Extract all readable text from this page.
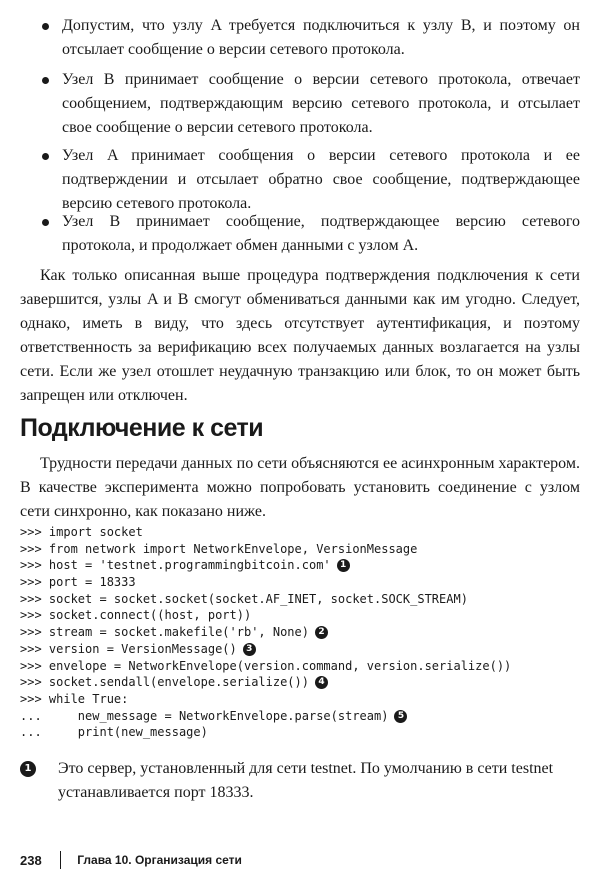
Допустим, что узлу A требуется подключиться к узлу B, и поэтому он отсылает сообщение о версии сетевого протокола.
Узел B принимает сообщение о версии сетевого протокола, отвечает сообщением, подтверждающим версию сетевого протокола, и отсылает свое сообщение о версии сетевого протокола.
Узел A принимает сообщения о версии сетевого протокола и ее подтверждении и отсылает обратно свое сообщение, подтверждающее версию сетевого протокола.
Узел B принимает сообщение, подтверждающее версию сетевого протокола, и продолжает обмен данными с узлом A.

Как только описанная выше процедура подтверждения подключения к сети завершится, узлы A и B смогут обмениваться данными как им угодно. Следует, однако, иметь в виду, что здесь отсутствует аутентификация, и поэтому ответственность за верификацию всех получаемых данных возлагается на узлы сети. Если же узел отошлет неудачную транзакцию или блок, то он может быть запрещен или отключен.

Подключение к сети

Трудности передачи данных по сети объясняются ее асинхронным характером. В качестве эксперимента можно попробовать установить соединение с узлом сети синхронно, как показано ниже.

>>> import socket
>>> from network import NetworkEnvelope, VersionMessage
>>> host = 'testnet.programmingbitcoin.com' 1
>>> port = 18333
>>> socket = socket.socket(socket.AF_INET, socket.SOCK_STREAM)
>>> socket.connect((host, port))
>>> stream = socket.makefile('rb', None) 2
>>> version = VersionMessage() 3
>>> envelope = NetworkEnvelope(version.command, version.serialize())
>>> socket.sendall(envelope.serialize()) 4
>>> while True:
...     new_message = NetworkEnvelope.parse(stream) 5
...     print(new_message)
1	Это сервер, установленный для сети testnet. По умолчанию в сети testnet устанавливается порт 18333.
238	Глава 10. Организация сети
